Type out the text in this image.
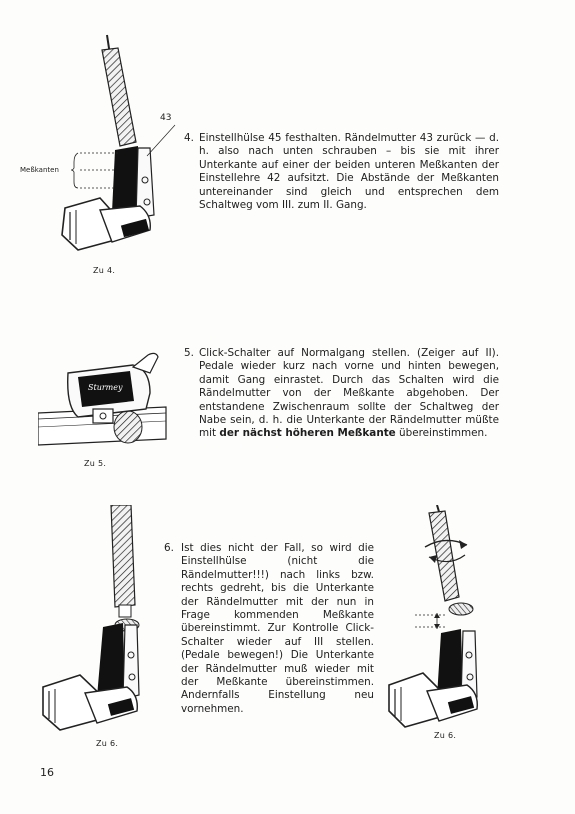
43
Meßkanten
Zu 4.
4. Einstellhülse 45 festhalten. Rändelmutter 43 zurück — d. h. also nach unten schrauben – bis sie mit ihrer Unterkante auf einer der beiden unteren Meßkanten der Einstellehre 42 aufsitzt. Die Abstände der Meßkanten untereinander sind gleich und entsprechen dem Schaltweg vom III. zum II. Gang.

Sturmey
Zu 5.
5. Click-Schalter auf Normalgang stellen. (Zeiger auf II). Pedale wieder kurz nach vorne und hinten bewegen, damit Gang einrastet. Durch das Schalten wird die Rändelmutter von der Meßkante abgehoben. Der entstandene Zwischenraum sollte der Schaltweg der Nabe sein, d. h. die Unterkante der Rändelmutter müßte mit der nächst höheren Meßkante übereinstimmen.

Zu 6.
6. Ist dies nicht der Fall, so wird die Einstellhülse (nicht die Rändelmutter!!!) nach links bzw. rechts gedreht, bis die Unterkante der Rändelmutter mit der nun in Frage kommenden Meßkante übereinstimmt. Zur Kontrolle Click-Schalter wieder auf III stellen. (Pedale bewegen!) Die Unterkante der Rändelmutter muß wieder mit der Meßkante übereinstimmen. Andernfalls Einstellung neu vornehmen.

Zu 6.
16
